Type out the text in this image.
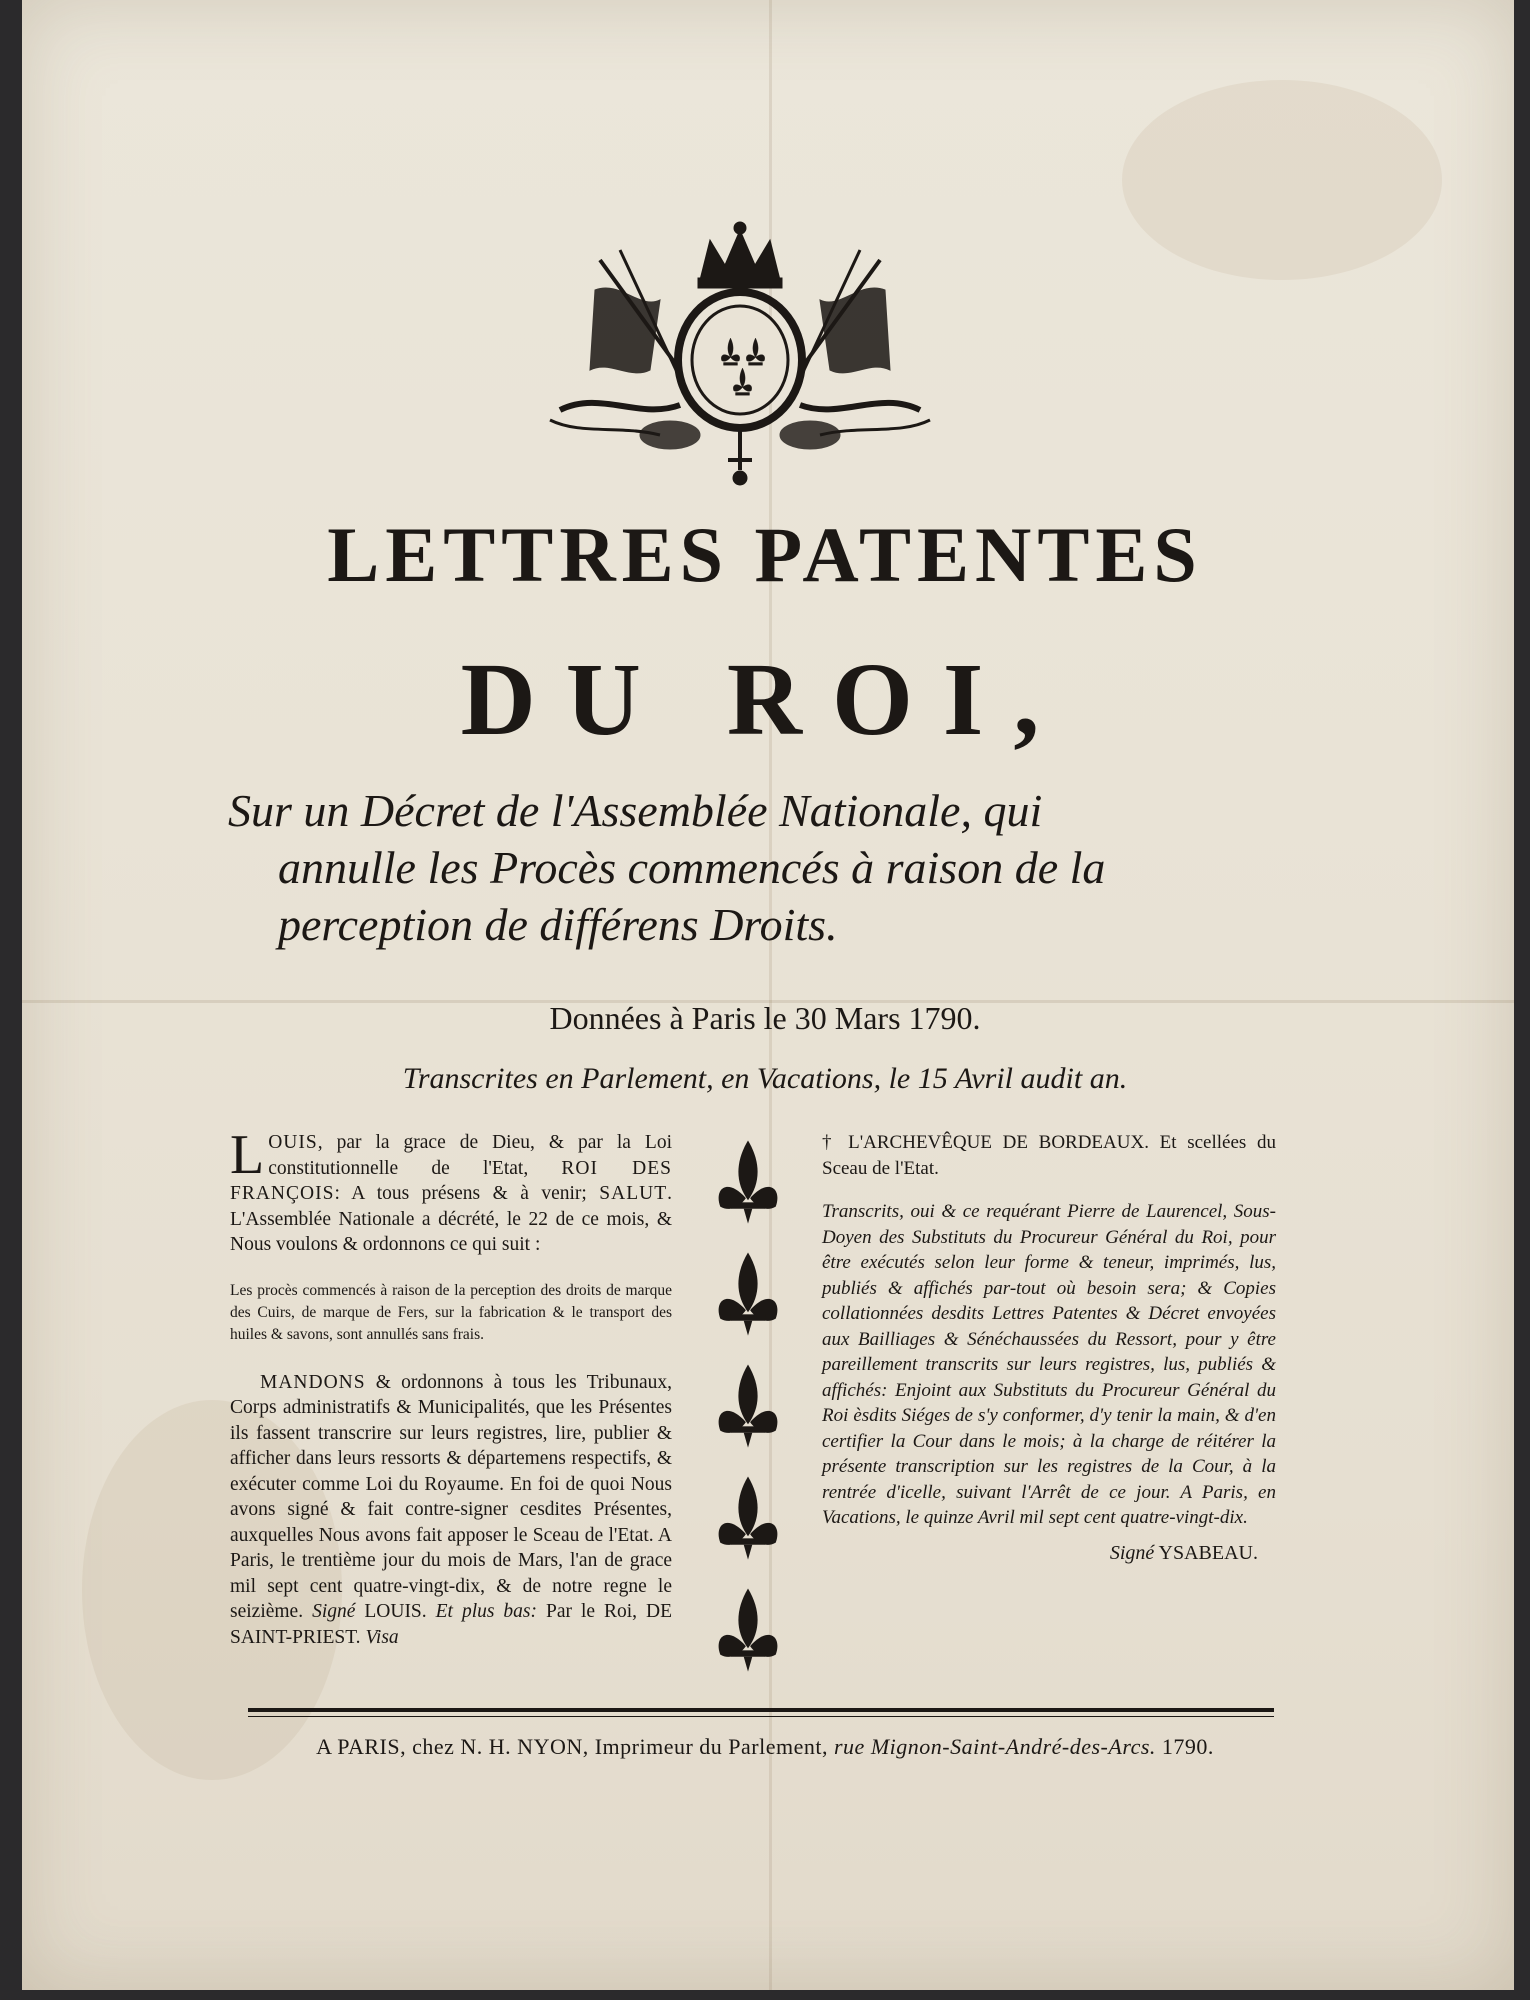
LETTRES PATENTES
DU ROI,
Sur un Décret de l'Assemblée Nationale, qui
annulle les Procès commencés à raison de la
perception de différens Droits.
Données à Paris le 30 Mars 1790.
Transcrites en Parlement, en Vacations, le 15 Avril audit an.

LOUIS, par la grace de Dieu, & par la Loi constitutionnelle de l'Etat, ROI DES FRANÇOIS: A tous présens & à venir; SALUT. L'Assemblée Nationale a décrété, le 22 de ce mois, & Nous voulons & ordonnons ce qui suit :

Les procès commencés à raison de la perception des droits de marque des Cuirs, de marque de Fers, sur la fabrication & le transport des huiles & savons, sont annullés sans frais.

MANDONS & ordonnons à tous les Tribunaux, Corps administratifs & Municipalités, que les Présentes ils fassent transcrire sur leurs registres, lire, publier & afficher dans leurs ressorts & départemens respectifs, & exécuter comme Loi du Royaume. En foi de quoi Nous avons signé & fait contre-signer cesdites Présentes, auxquelles Nous avons fait apposer le Sceau de l'Etat. A Paris, le trentième jour du mois de Mars, l'an de grace mil sept cent quatre-vingt-dix, & de notre regne le seizième. Signé LOUIS. Et plus bas: Par le Roi, DE SAINT-PRIEST. Visa

† L'ARCHEVÊQUE DE BORDEAUX. Et scellées du Sceau de l'Etat.

Transcrits, oui & ce requérant Pierre de Laurencel, Sous-Doyen des Substituts du Procureur Général du Roi, pour être exécutés selon leur forme & teneur, imprimés, lus, publiés & affichés par-tout où besoin sera; & Copies collationnées desdits Lettres Patentes & Décret envoyées aux Bailliages & Sénéchaussées du Ressort, pour y être pareillement transcrits sur leurs registres, lus, publiés & affichés: Enjoint aux Substituts du Procureur Général du Roi èsdits Siéges de s'y conformer, d'y tenir la main, & d'en certifier la Cour dans le mois; à la charge de réitérer la présente transcription sur les registres de la Cour, à la rentrée d'icelle, suivant l'Arrêt de ce jour. A Paris, en Vacations, le quinze Avril mil sept cent quatre-vingt-dix.

Signé YSABEAU.

A PARIS, chez N. H. NYON, Imprimeur du Parlement, rue Mignon-Saint-André-des-Arcs. 1790.
